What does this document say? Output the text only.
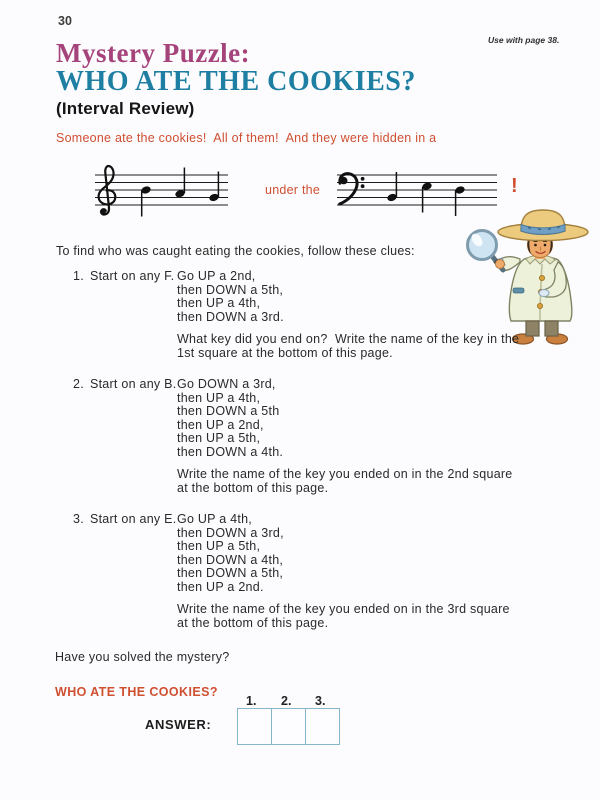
30
Use with page 38.
Mystery Puzzle:
WHO ATE THE COOKIES?
(Interval Review)
Someone ate the cookies!  All of them!  And they were hidden in a
under the	!
To find who was caught eating the cookies, follow these clues:
1. Start on any F. Go UP a 2nd,
then DOWN a 5th,
then UP a 4th,
then DOWN a 3rd.
What key did you end on?  Write the name of the key in the
1st square at the bottom of this page.
2. Start on any B. Go DOWN a 3rd,
then UP a 4th,
then DOWN a 5th
then UP a 2nd,
then UP a 5th,
then DOWN a 4th.
Write the name of the key you ended on in the 2nd square
at the bottom of this page.
3. Start on any E. Go UP a 4th,
then DOWN a 3rd,
then UP a 5th,
then DOWN a 4th,
then DOWN a 5th,
then UP a 2nd.
Write the name of the key you ended on in the 3rd square
at the bottom of this page.
Have you solved the mystery?
WHO ATE THE COOKIES?
1. 2. 3.
ANSWER:
